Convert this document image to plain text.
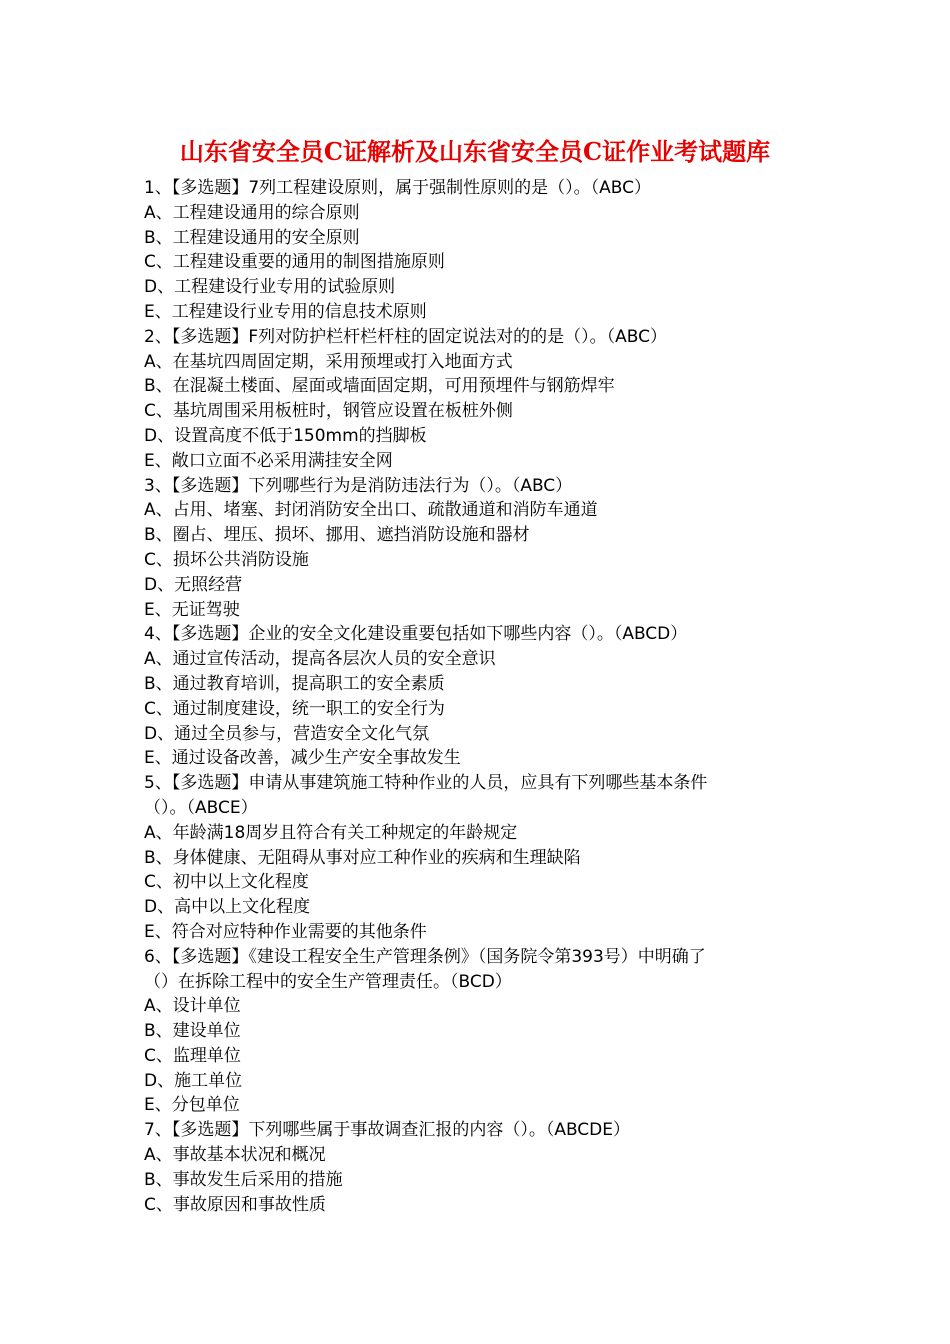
山东省安全员C证解析及山东省安全员C证作业考试题库
1、【多选题】7列工程建设原则，属于强制性原则的是（）。（ABC）
A、工程建设通用的综合原则
B、工程建设通用的安全原则
C、工程建设重要的通用的制图措施原则
D、工程建设行业专用的试验原则
E、工程建设行业专用的信息技术原则
2、【多选题】F列对防护栏杆栏杆柱的固定说法对的的是（）。（ABC）
A、在基坑四周固定期，采用预埋或打入地面方式
B、在混凝土楼面、屋面或墙面固定期，可用预埋件与钢筋焊牢
C、基坑周围采用板桩时，钢管应设置在板桩外侧
D、设置高度不低于150mm的挡脚板
E、敞口立面不必采用满挂安全网
3、【多选题】下列哪些行为是消防违法行为（）。（ABC）
A、占用、堵塞、封闭消防安全出口、疏散通道和消防车通道
B、圈占、埋压、损坏、挪用、遮挡消防设施和器材
C、损坏公共消防设施
D、无照经营
E、无证驾驶
4、【多选题】企业的安全文化建设重要包括如下哪些内容（）。（ABCD）
A、通过宣传活动，提高各层次人员的安全意识
B、通过教育培训，提高职工的安全素质
C、通过制度建设，统一职工的安全行为
D、通过全员参与，营造安全文化气氛
E、通过设备改善，减少生产安全事故发生
5、【多选题】申请从事建筑施工特种作业的人员，应具有下列哪些基本条件
（）。（ABCE）
A、年龄满18周岁且符合有关工种规定的年龄规定
B、身体健康、无阻碍从事对应工种作业的疾病和生理缺陷
C、初中以上文化程度
D、高中以上文化程度
E、符合对应特种作业需要的其他条件
6、【多选题】《建设工程安全生产管理条例》（国务院令第393号）中明确了
（）在拆除工程中的安全生产管理责任。（BCD）
A、设计单位
B、建设单位
C、监理单位
D、施工单位
E、分包单位
7、【多选题】下列哪些属于事故调查汇报的内容（）。（ABCDE）
A、事故基本状况和概况
B、事故发生后采用的措施
C、事故原因和事故性质
